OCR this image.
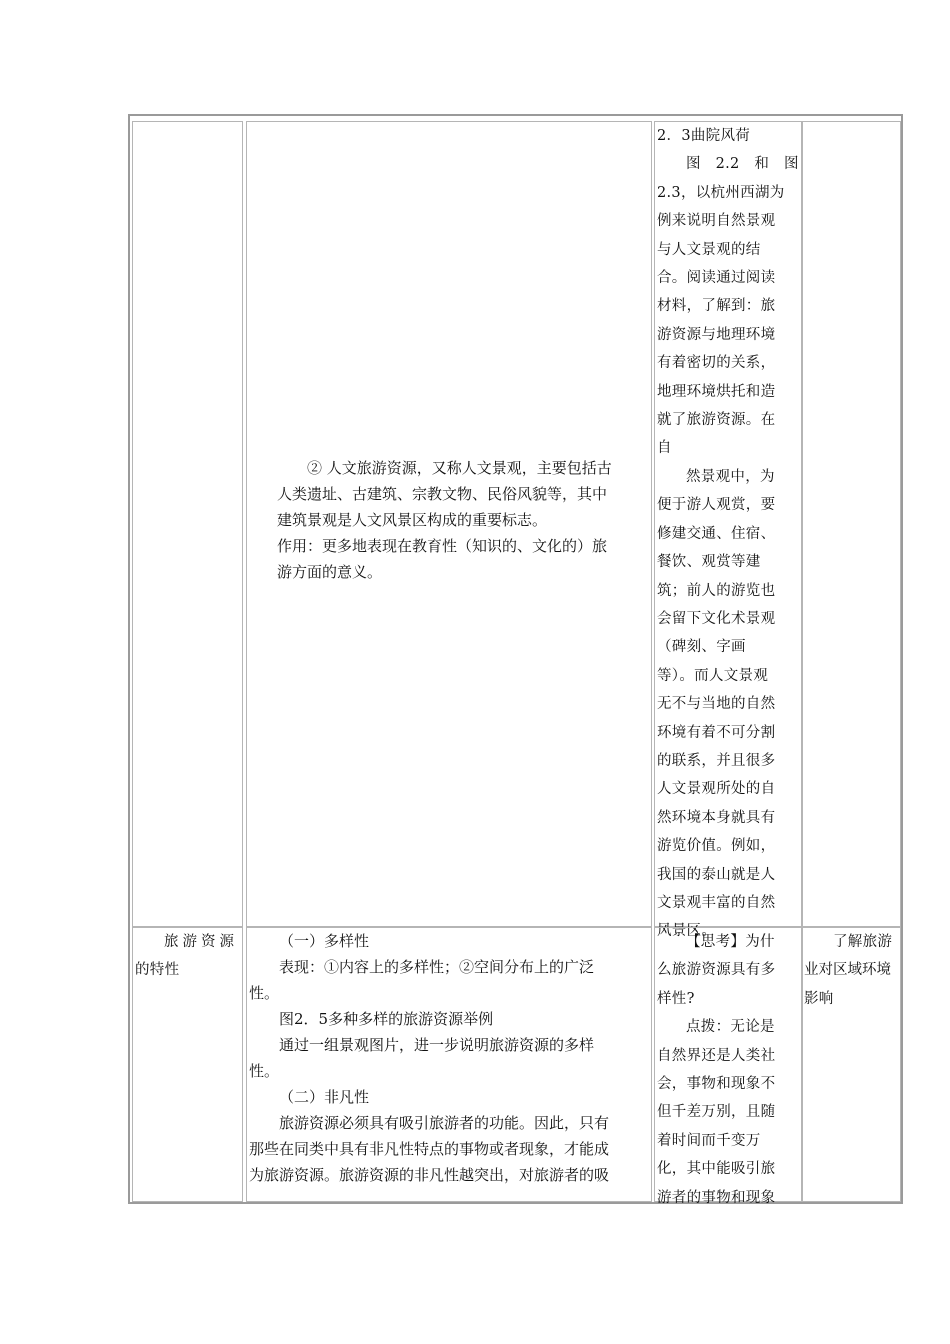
② 人文旅游资源，又称人文景观，主要包括古

人类遗址、古建筑、宗教文物、民俗风貌等，其中

建筑景观是人文风景区构成的重要标志。

作用：更多地表现在教育性（知识的、文化的）旅

游方面的意义。

2．3曲院风荷

图　2.2　和　图

2.3，以杭州西湖为

例来说明自然景观

与人文景观的结

合。阅读通过阅读

材料，了解到：旅

游资源与地理环境

有着密切的关系，

地理环境烘托和造

就了旅游资源。在

自

然景观中，为

便于游人观赏，要

修建交通、住宿、

餐饮、观赏等建

筑；前人的游览也

会留下文化术景观

（碑刻、字画

等）。而人文景观

无不与当地的自然

环境有着不可分割

的联系，并且很多

人文景观所处的自

然环境本身就具有

游览价值。例如，

我国的泰山就是人

文景观丰富的自然

风景区。

旅游资源

的特性

（一）多样性

表现：①内容上的多样性；②空间分布上的广泛

性。

图2．5多种多样的旅游资源举例

通过一组景观图片，进一步说明旅游资源的多样

性。

（二）非凡性

旅游资源必须具有吸引旅游者的功能。因此，只有

那些在同类中具有非凡性特点的事物或者现象，才能成

为旅游资源。旅游资源的非凡性越突出，对旅游者的吸

【思考】为什

么旅游资源具有多

样性?

点拨：无论是

自然界还是人类社

会，事物和现象不

但千差万别，且随

着时间而千变万

化，其中能吸引旅

游者的事物和现象

了解旅游

业对区域环境

影响
